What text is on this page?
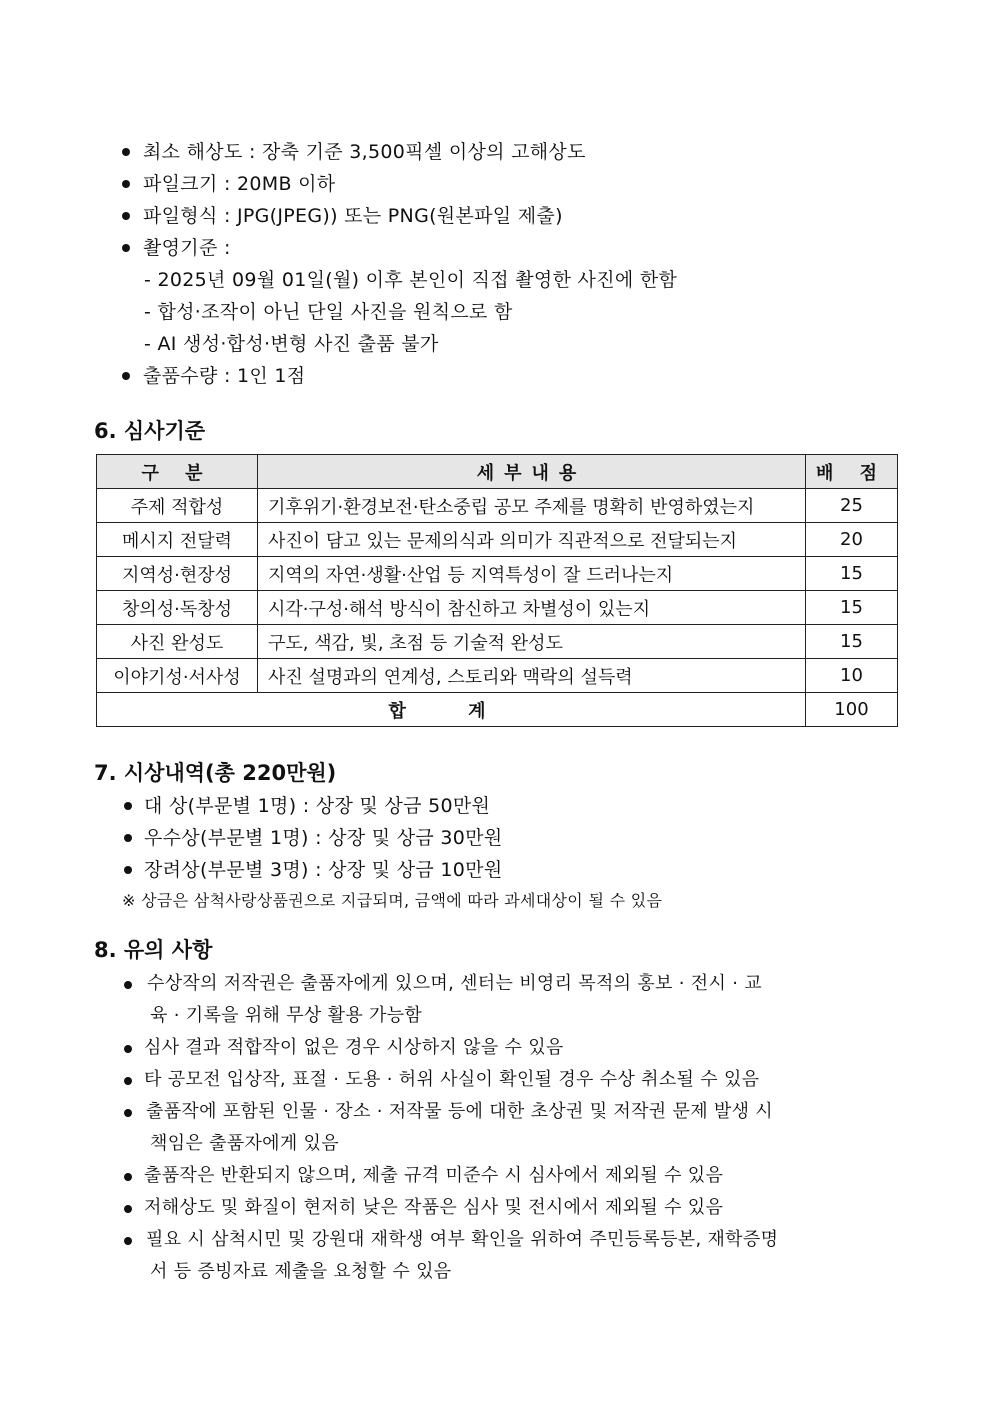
최소 해상도 : 장축 기준 3,500픽셀 이상의 고해상도
파일크기 : 20MB 이하
파일형식 : JPG(JPEG)) 또는 PNG(원본파일 제출)
촬영기준 :
- 2025년 09월 01일(월) 이후 본인이 직접 촬영한 사진에 한함
- 합성·조작이 아닌 단일 사진을 원칙으로 함
- AI 생성·합성·변형 사진 출품 불가
출품수량 : 1인 1점
6. 심사기준
구 분	세부내용	배 점
주제 적합성	기후위기·환경보전·탄소중립 공모 주제를 명확히 반영하였는지	25
메시지 전달력	사진이 담고 있는 문제의식과 의미가 직관적으로 전달되는지	20
지역성·현장성	지역의 자연·생활·산업 등 지역특성이 잘 드러나는지	15
창의성·독창성	시각·구성·해석 방식이 참신하고 차별성이 있는지	15
사진 완성도	구도, 색감, 빛, 초점 등 기술적 완성도	15
이야기성·서사성	사진 설명과의 연계성, 스토리와 맥락의 설득력	10
합 계		100
7. 시상내역(총 220만원)
대 상(부문별 1명) : 상장 및 상금 50만원
우수상(부문별 1명) : 상장 및 상금 30만원
장려상(부문별 3명) : 상장 및 상금 10만원
※ 상금은 삼척사랑상품권으로 지급되며, 금액에 따라 과세대상이 될 수 있음
8. 유의 사항
수상작의 저작권은 출품자에게 있으며, 센터는 비영리 목적의 홍보 · 전시 · 교
육 · 기록을 위해 무상 활용 가능함
심사 결과 적합작이 없은 경우 시상하지 않을 수 있음
타 공모전 입상작, 표절 · 도용 · 허위 사실이 확인될 경우 수상 취소될 수 있음
출품작에 포함된 인물 · 장소 · 저작물 등에 대한 초상권 및 저작권 문제 발생 시
책임은 출품자에게 있음
출품작은 반환되지 않으며, 제출 규격 미준수 시 심사에서 제외될 수 있음
저해상도 및 화질이 현저히 낮은 작품은 심사 및 전시에서 제외될 수 있음
필요 시 삼척시민 및 강원대 재학생 여부 확인을 위하여 주민등록등본, 재학증명
서 등 증빙자료 제출을 요청할 수 있음
